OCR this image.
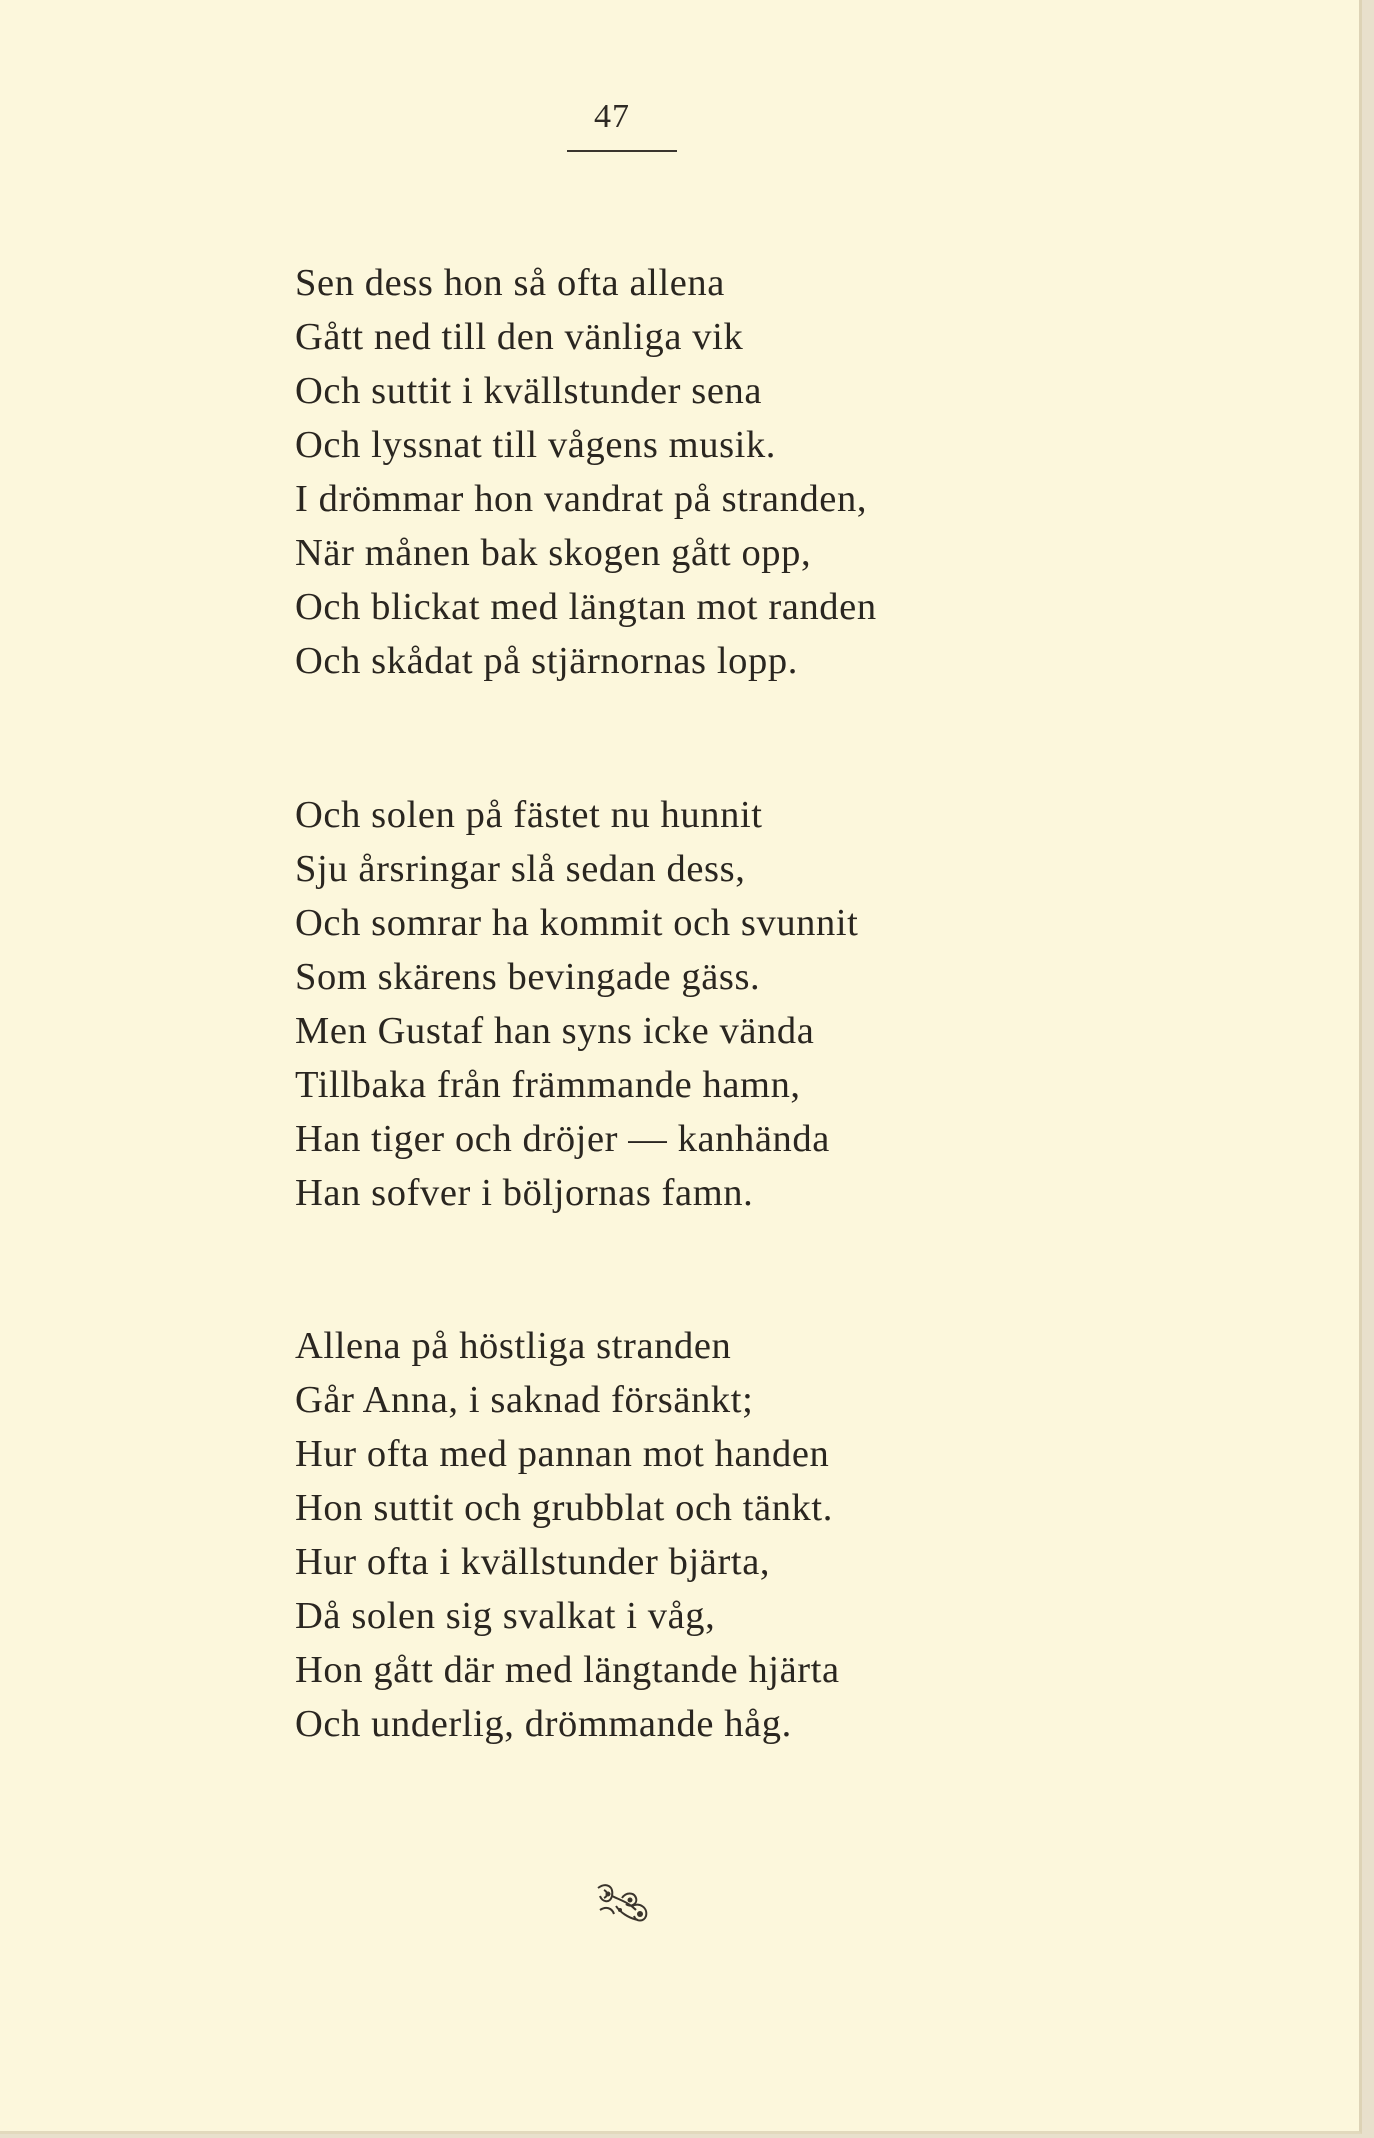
47
Sen dess hon så ofta allena
Gått ned till den vänliga vik
Och suttit i kvällstunder sena
Och lyssnat till vågens musik.
I drömmar hon vandrat på stranden,
När månen bak skogen gått opp,
Och blickat med längtan mot randen
Och skådat på stjärnornas lopp.
Och solen på fästet nu hunnit
Sju årsringar slå sedan dess,
Och somrar ha kommit och svunnit
Som skärens bevingade gäss.
Men Gustaf han syns icke vända
Tillbaka från främmande hamn,
Han tiger och dröjer — kanhända
Han sofver i böljornas famn.
Allena på höstliga stranden
Går Anna, i saknad försänkt;
Hur ofta med pannan mot handen
Hon suttit och grubblat och tänkt.
Hur ofta i kvällstunder bjärta,
Då solen sig svalkat i våg,
Hon gått där med längtande hjärta
Och underlig, drömmande håg.
